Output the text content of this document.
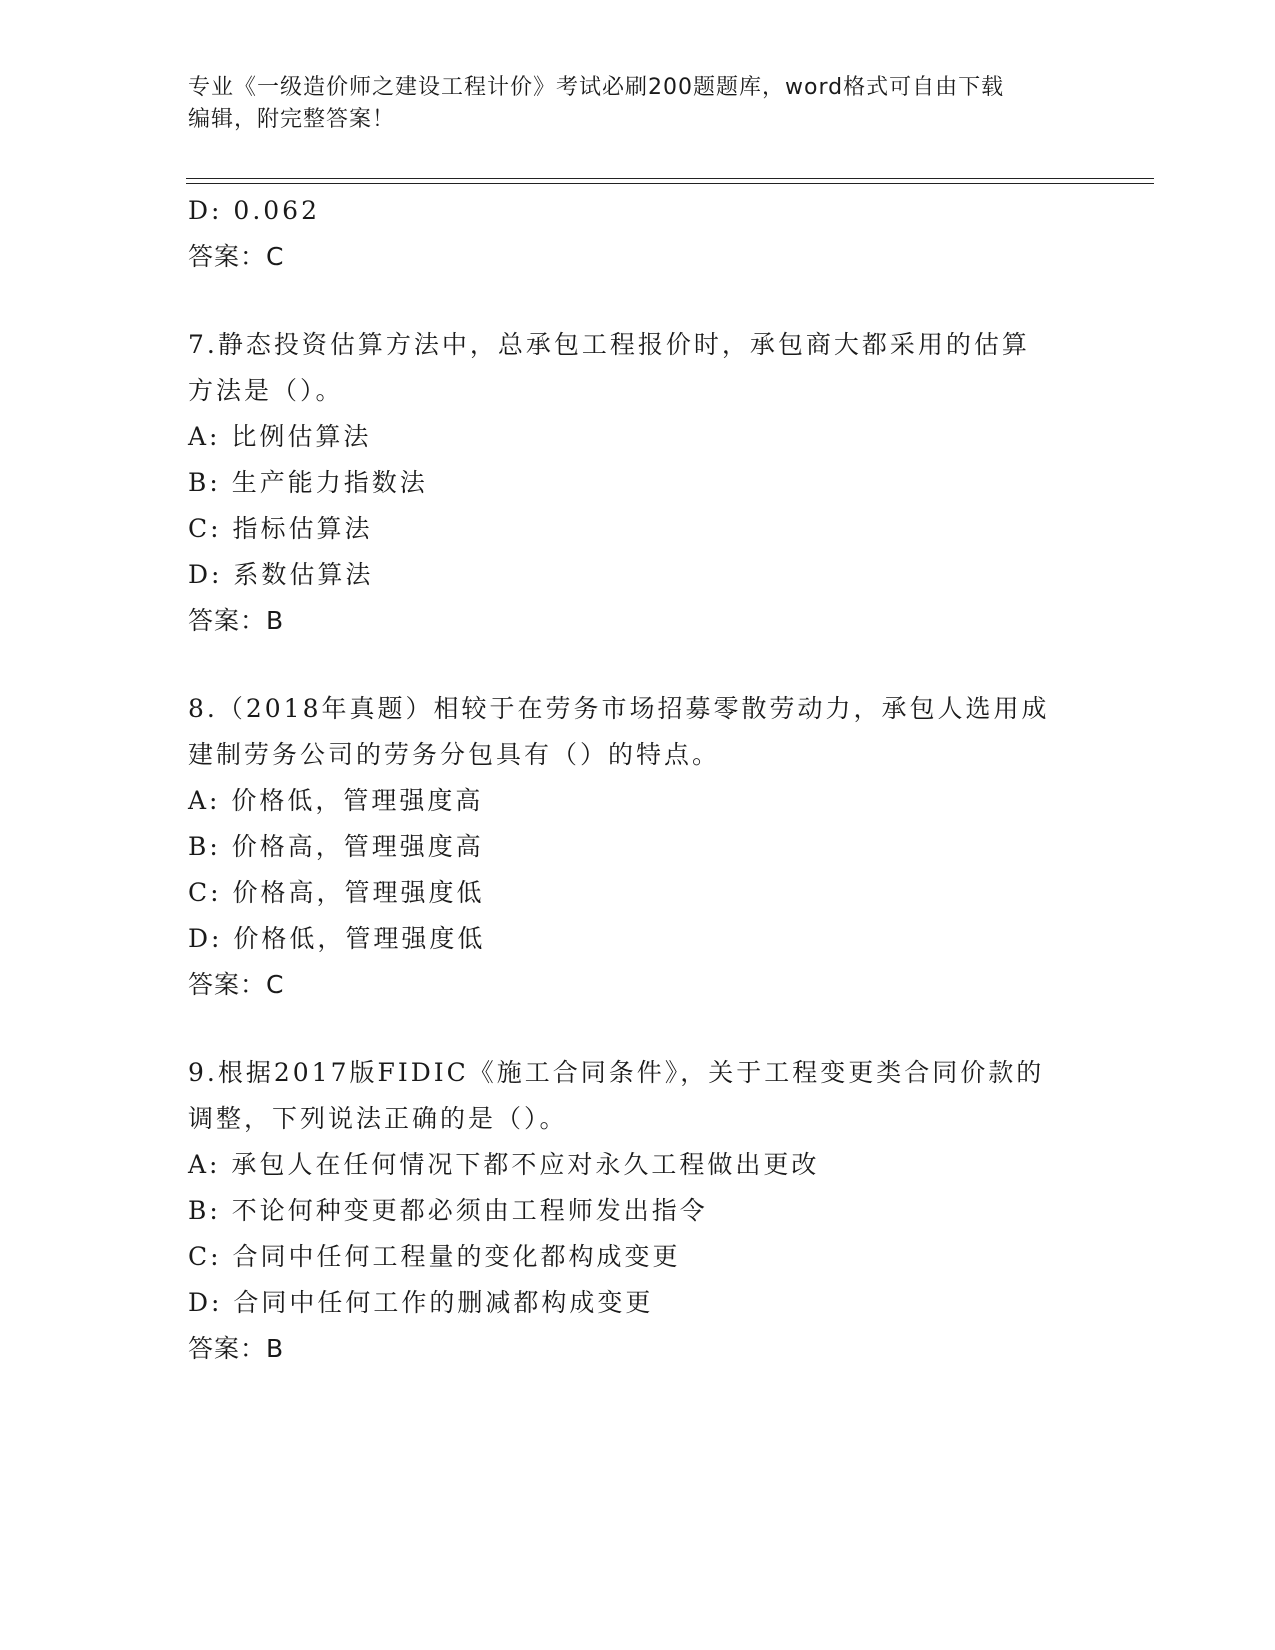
专业《一级造价师之建设工程计价》考试必刷200题题库，word格式可自由下载
编辑，附完整答案！
D: 0.062
答案：C
7.静态投资估算方法中，总承包工程报价时，承包商大都采用的估算
方法是（）。
A: 比例估算法
B: 生产能力指数法
C: 指标估算法
D: 系数估算法
答案：B
8.（2018年真题）相较于在劳务市场招募零散劳动力，承包人选用成
建制劳务公司的劳务分包具有（）的特点。
A: 价格低，管理强度高
B: 价格高，管理强度高
C: 价格高，管理强度低
D: 价格低，管理强度低
答案：C
9.根据2017版FIDIC《施工合同条件》，关于工程变更类合同价款的
调整，下列说法正确的是（）。
A: 承包人在任何情况下都不应对永久工程做出更改
B: 不论何种变更都必须由工程师发出指令
C: 合同中任何工程量的变化都构成变更
D: 合同中任何工作的删减都构成变更
答案：B
